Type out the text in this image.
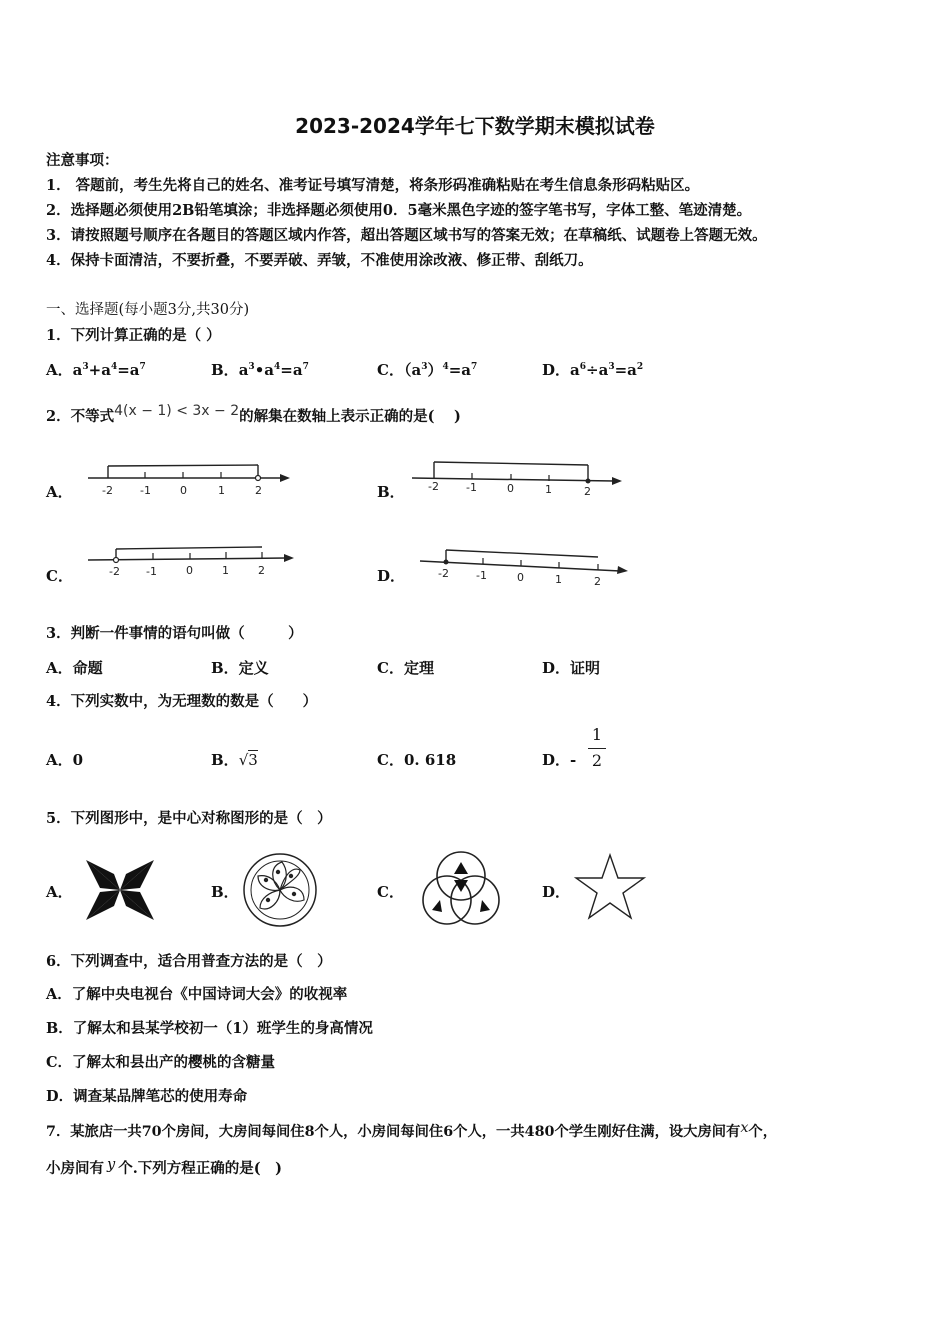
2023-2024学年七下数学期末模拟试卷
注意事项：
1． 答题前，考生先将自己的姓名、准考证号填写清楚，将条形码准确粘贴在考生信息条形码粘贴区。
2．选择题必须使用2B铅笔填涂；非选择题必须使用0．5毫米黑色字迹的签字笔书写，字体工整、笔迹清楚。
3．请按照题号顺序在各题目的答题区域内作答，超出答题区域书写的答案无效；在草稿纸、试题卷上答题无效。
4．保持卡面清洁，不要折叠，不要弄破、弄皱，不准使用涂改液、修正带、刮纸刀。
一、选择题(每小题3分,共30分)
1．下列计算正确的是（ ）
A．$a^3+a^4=a^7$	B．$a^3•a^4=a^7$	C．$(a^3)^4=a^7$	D．$a^6\div a^3=a^2$
2．不等式4(x − 1) < 3x − 2的解集在数轴上表示正确的是(　 )
A．	-2 -1	0	1	2	B． -2 -1	0	1	2
C．	-2 -1	0	1	2	D．	-2 -1	0	1	2
3．判断一件事情的语句叫做（　　　）
A．命题	B．定义	C．定理	D．证明
4．下列实数中，为无理数的数是（　　）
A．0	B．√3	C．0. 618	D．-
1
2
5．下列图形中，是中心对称图形的是（　）
A．	B．	C．	D．
6．下列调查中，适合用普查方法的是（　）
A．了解中央电视台《中国诗词大会》的收视率
B．了解太和县某学校初一（1）班学生的身高情况
C．了解太和县出产的樱桃的含糖量
D．调查某品牌笔芯的使用寿命
7．某旅店一共70个房间，大房间每间住8个人，小房间每间住6个人，一共480个学生刚好住满，设大房间有x个，
小房间有 y 个.下列方程正确的是(　)
